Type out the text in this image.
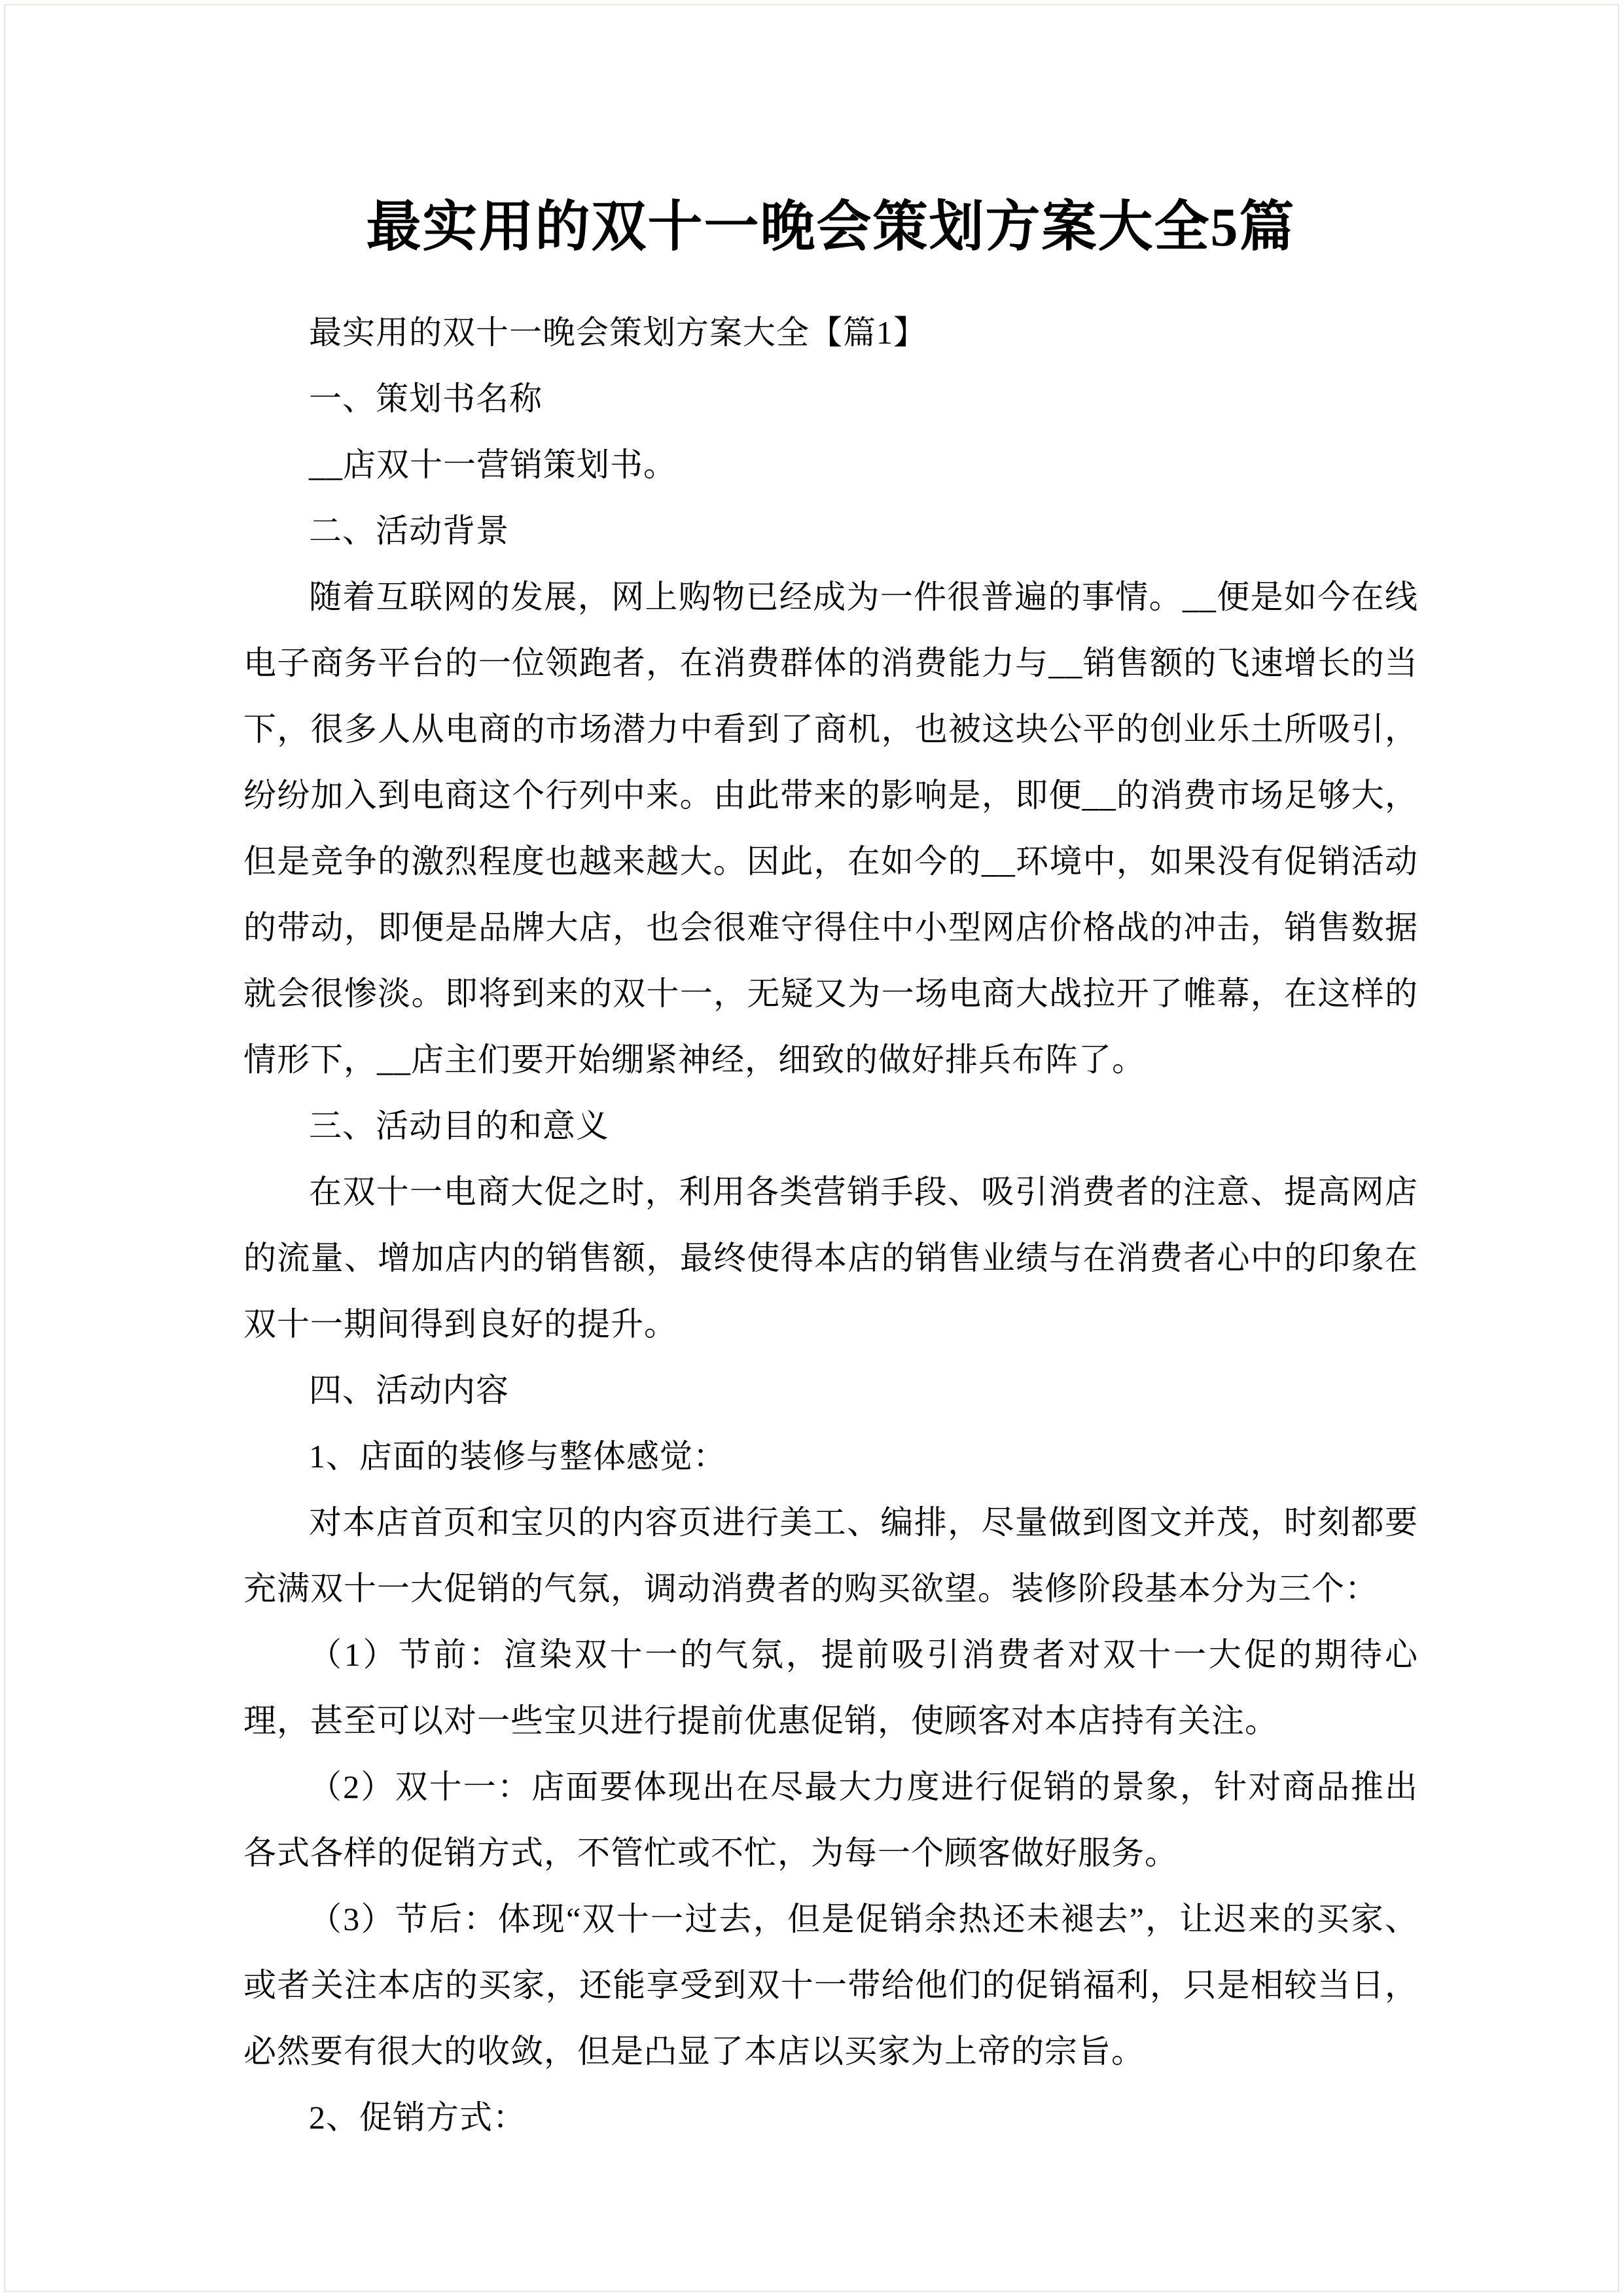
最实用的双十一晚会策划方案大全5篇

最实用的双十一晚会策划方案大全【篇1】

一、策划书名称

__店双十一营销策划书。

二、活动背景

随着互联网的发展，网上购物已经成为一件很普遍的事情。__便是如今在线电子商务平台的一位领跑者，在消费群体的消费能力与__销售额的飞速增长的当下，很多人从电商的市场潜力中看到了商机，也被这块公平的创业乐土所吸引，纷纷加入到电商这个行列中来。由此带来的影响是，即便__的消费市场足够大，但是竞争的激烈程度也越来越大。因此，在如今的__环境中，如果没有促销活动的带动，即便是品牌大店，也会很难守得住中小型网店价格战的冲击，销售数据就会很惨淡。即将到来的双十一，无疑又为一场电商大战拉开了帷幕，在这样的情形下，__店主们要开始绷紧神经，细致的做好排兵布阵了。

三、活动目的和意义

在双十一电商大促之时，利用各类营销手段、吸引消费者的注意、提高网店的流量、增加店内的销售额，最终使得本店的销售业绩与在消费者心中的印象在双十一期间得到良好的提升。

四、活动内容

1、店面的装修与整体感觉：

对本店首页和宝贝的内容页进行美工、编排，尽量做到图文并茂，时刻都要充满双十一大促销的气氛，调动消费者的购买欲望。装修阶段基本分为三个：

（1）节前：渲染双十一的气氛，提前吸引消费者对双十一大促的期待心理，甚至可以对一些宝贝进行提前优惠促销，使顾客对本店持有关注。

（2）双十一：店面要体现出在尽最大力度进行促销的景象，针对商品推出各式各样的促销方式，不管忙或不忙，为每一个顾客做好服务。

（3）节后：体现“双十一过去，但是促销余热还未褪去”，让迟来的买家、或者关注本店的买家，还能享受到双十一带给他们的促销福利，只是相较当日，必然要有很大的收敛，但是凸显了本店以买家为上帝的宗旨。

2、促销方式：
